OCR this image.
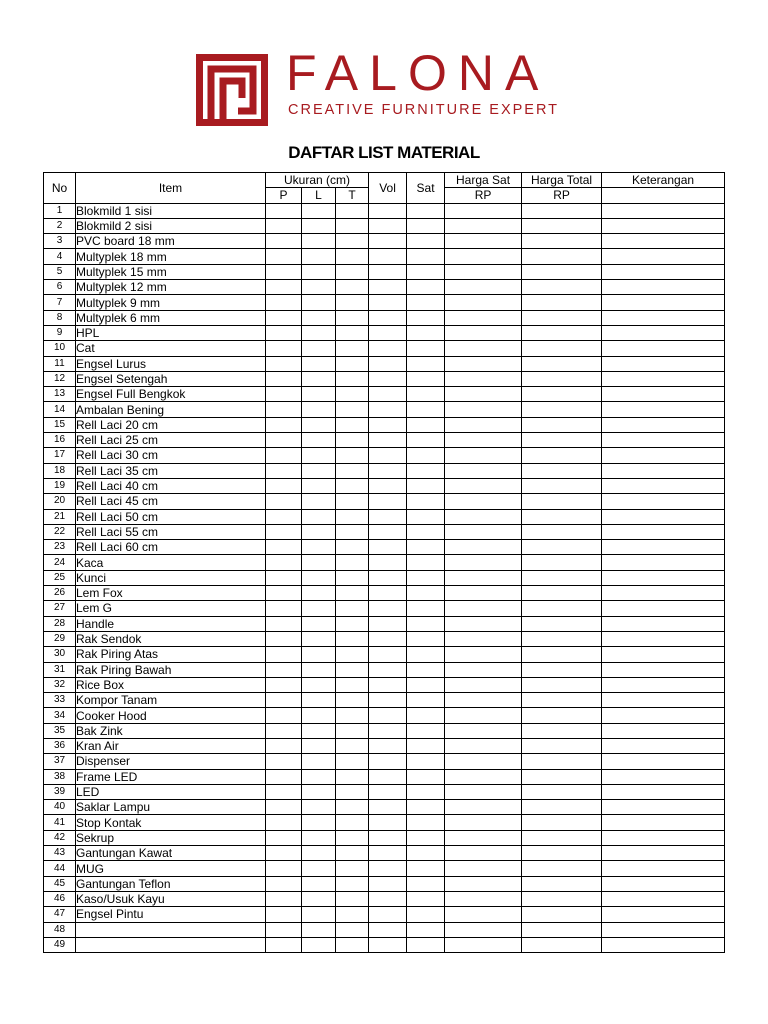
FALONA
CREATIVE FURNITURE EXPERT
DAFTAR LIST MATERIAL
No	Item	Ukuran (cm)			Vol	Sat	Harga Sat	Harga Total	Keterangan
		P	L	T			RP	RP	
1	Blokmild 1 sisi								
2	Blokmild 2 sisi								
3	PVC board 18 mm								
4	Multyplek 18 mm								
5	Multyplek 15 mm								
6	Multyplek 12 mm								
7	Multyplek 9 mm								
8	Multyplek 6 mm								
9	HPL								
10	Cat								
11	Engsel Lurus								
12	Engsel Setengah								
13	Engsel Full Bengkok								
14	Ambalan Bening								
15	Rell Laci 20 cm								
16	Rell Laci 25 cm								
17	Rell Laci 30 cm								
18	Rell Laci 35 cm								
19	Rell Laci 40 cm								
20	Rell Laci 45 cm								
21	Rell Laci 50 cm								
22	Rell Laci 55 cm								
23	Rell Laci 60 cm								
24	Kaca								
25	Kunci								
26	Lem Fox								
27	Lem G								
28	Handle								
29	Rak Sendok								
30	Rak Piring Atas								
31	Rak Piring Bawah								
32	Rice Box								
33	Kompor Tanam								
34	Cooker Hood								
35	Bak Zink								
36	Kran Air								
37	Dispenser								
38	Frame LED								
39	LED								
40	Saklar Lampu								
41	Stop Kontak								
42	Sekrup								
43	Gantungan Kawat								
44	MUG								
45	Gantungan Teflon								
46	Kaso/Usuk Kayu								
47	Engsel Pintu								
48									
49									
